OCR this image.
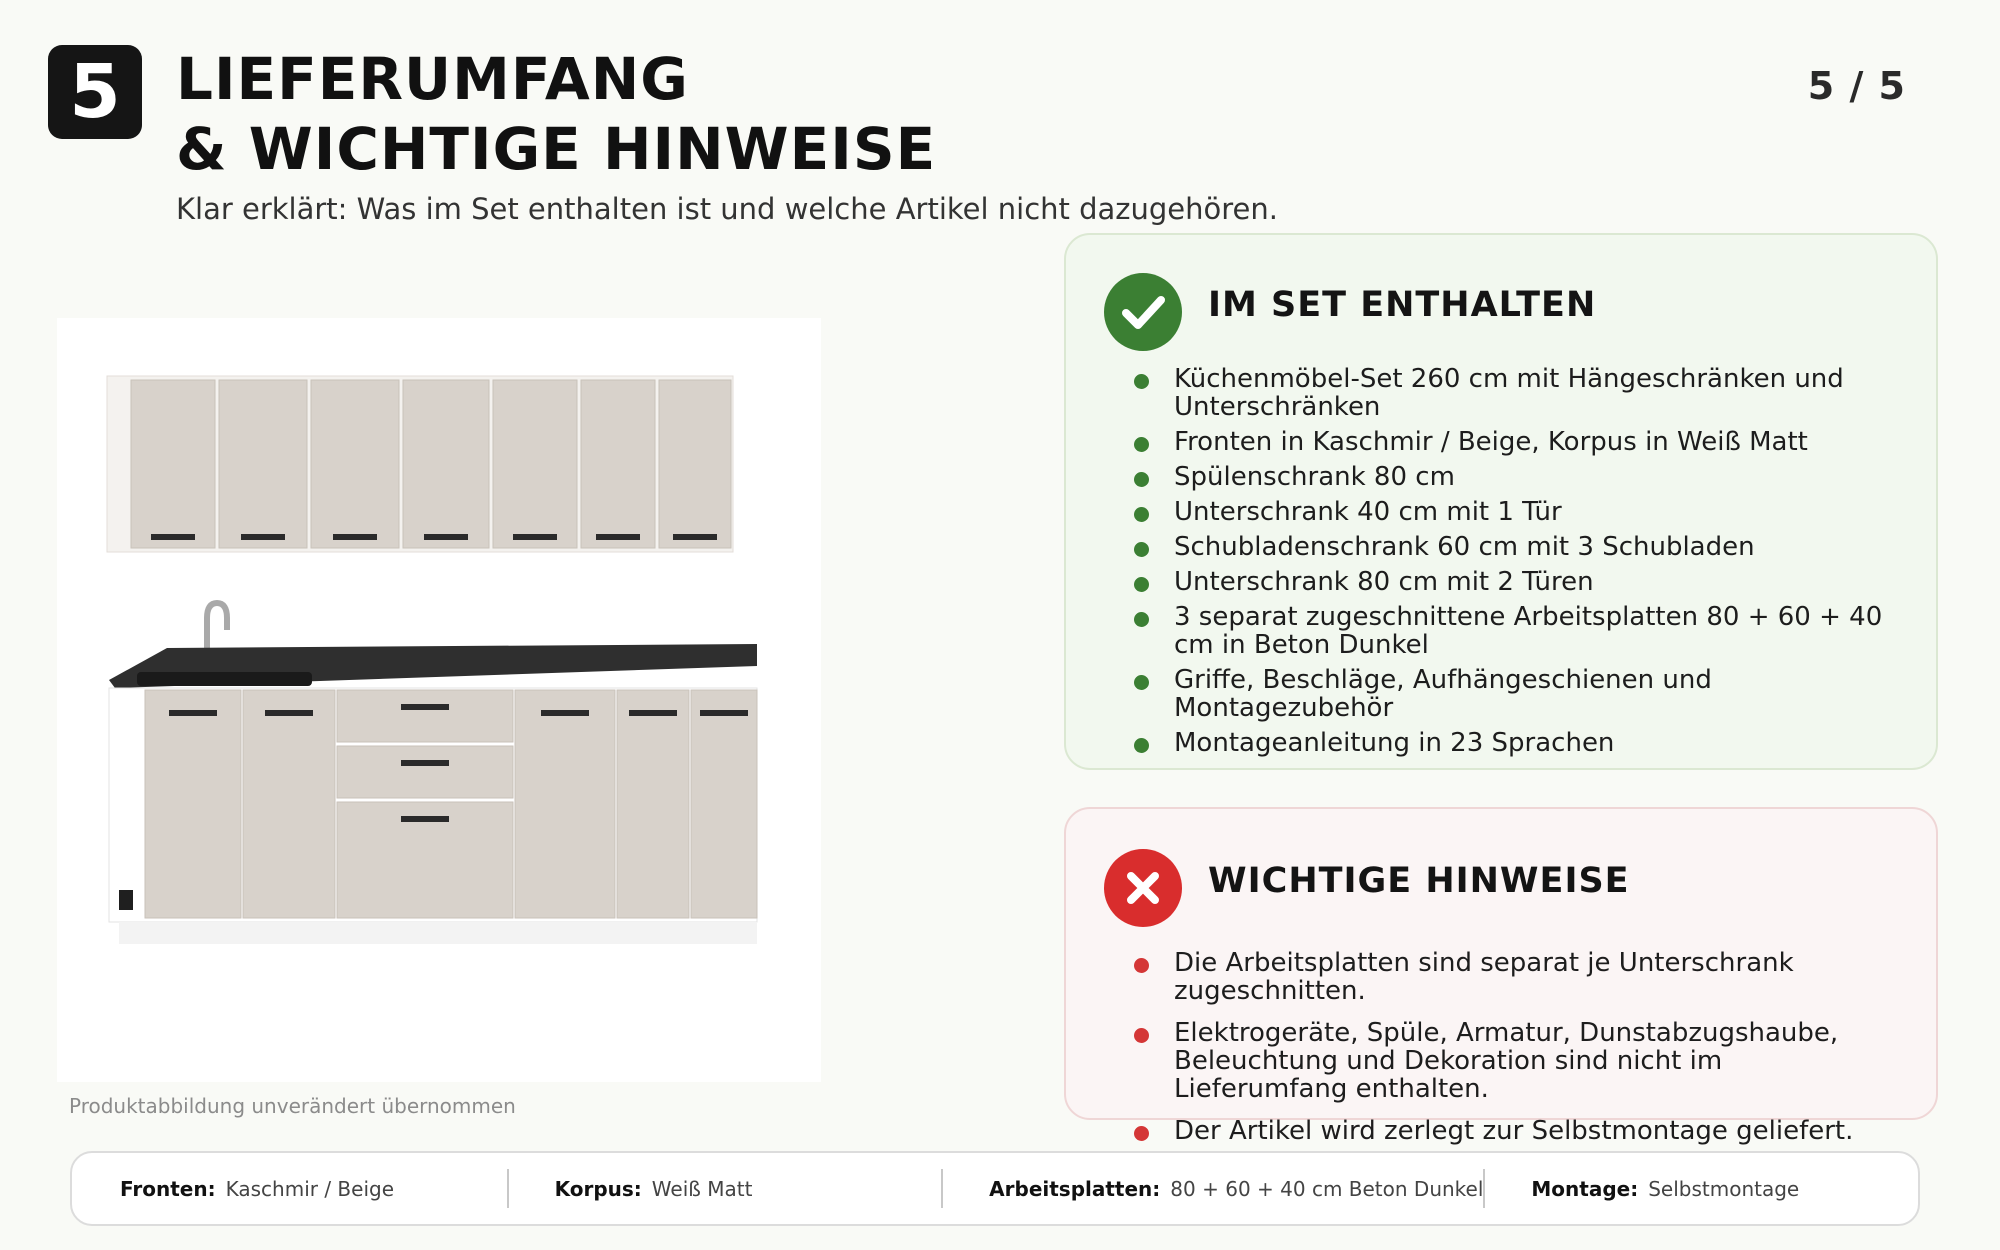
5 LIEFERUMFANG
& WICHTIGE HINWEISE
Klar erklärt: Was im Set enthalten ist und welche Artikel nicht dazugehören.
5 / 5
Produktabbildung unverändert übernommen
IM SET ENTHALTEN
Küchenmöbel-Set 260 cm mit Hängeschränken und Unterschränken
Fronten in Kaschmir / Beige, Korpus in Weiß Matt
Spülenschrank 80 cm
Unterschrank 40 cm mit 1 Tür
Schubladenschrank 60 cm mit 3 Schubladen
Unterschrank 80 cm mit 2 Türen
3 separat zugeschnittene Arbeitsplatten 80 + 60 + 40 cm in Beton Dunkel
Griffe, Beschläge, Aufhängeschienen und Montagezubehör
Montageanleitung in 23 Sprachen
WICHTIGE HINWEISE
Die Arbeitsplatten sind separat je Unterschrank zugeschnitten.
Elektrogeräte, Spüle, Armatur, Dunstabzugshaube, Beleuchtung und Dekoration sind nicht im Lieferumfang enthalten.
Der Artikel wird zerlegt zur Selbstmontage geliefert.
Fronten: Kaschmir / Beige	Korpus: Weiß Matt	Arbeitsplatten: 80 + 60 + 40 cm Beton Dunkel Montage: Selbstmontage
